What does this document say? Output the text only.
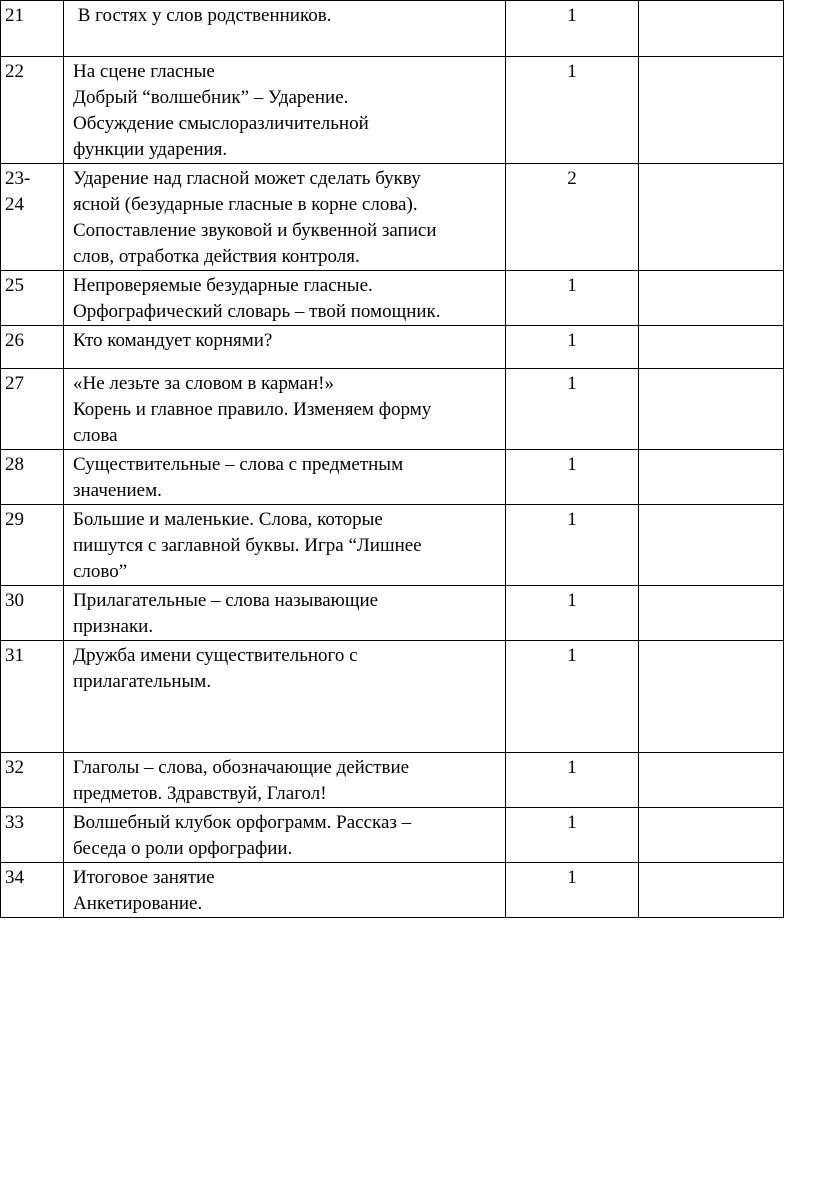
21	В гостях у слов родственников.	1	

22	На сцене гласные
Добрый “волшебник” – Ударение.
Обсуждение смыслоразличительной
функции ударения.	1	

23-
24	Ударение над гласной может сделать букву
ясной (безударные гласные в корне слова).
Сопоставление звуковой и буквенной записи
слов, отработка действия контроля.	2	

25	Непроверяемые безударные гласные.
Орфографический словарь – твой помощник.	1	

26	Кто командует корнями?	1	

27	«Не лезьте за словом в карман!»
Корень и главное правило. Изменяем форму
слова	1	

28	Существительные – слова с предметным
значением.	1	

29	Большие и маленькие. Слова, которые
пишутся с заглавной буквы. Игра “Лишнее
слово”	1	

30	Прилагательные – слова называющие
признаки.	1	

31	Дружба имени существительного с
прилагательным.	1	

32	Глаголы – слова, обозначающие действие
предметов. Здравствуй, Глагол!	1	

33	Волшебный клубок орфограмм. Рассказ –
беседа о роли орфографии.	1	

34	Итоговое занятие
Анкетирование.	1	
